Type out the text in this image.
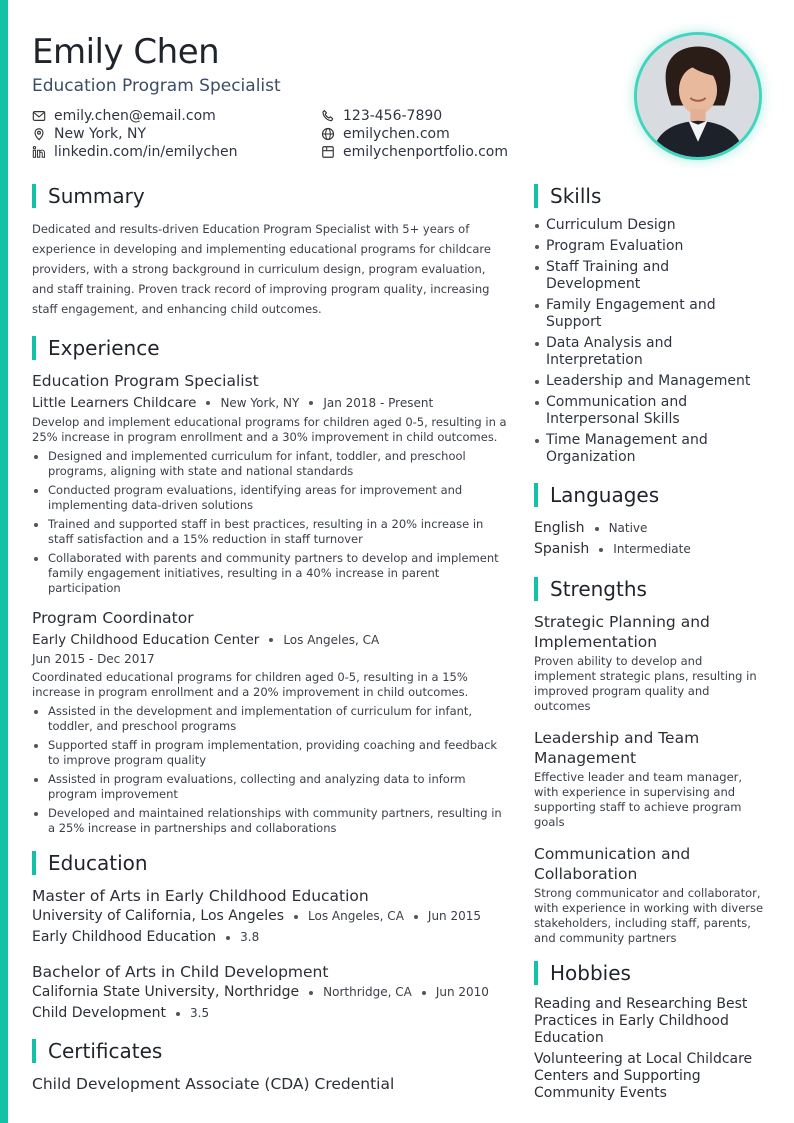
Emily Chen
Education Program Specialist
emily.chen@email.com	123-456-7890
New York, NY	emilychen.com
linkedin.com/in/emilychen	emilychenportfolio.com
Summary

Dedicated and results-driven Education Program Specialist with 5+ years of experience in developing and implementing educational programs for childcare providers, with a strong background in curriculum design, program evaluation, and staff training. Proven track record of improving program quality, increasing staff engagement, and enhancing child outcomes.

Experience
Education Program Specialist
Little Learners Childcare New York, NY Jan 2018 - Present
Develop and implement educational programs for children aged 0-5, resulting in a 25% increase in program enrollment and a 30% improvement in child outcomes.
Designed and implemented curriculum for infant, toddler, and preschool programs, aligning with state and national standards
Conducted program evaluations, identifying areas for improvement and implementing data-driven solutions
Trained and supported staff in best practices, resulting in a 20% increase in staff satisfaction and a 15% reduction in staff turnover
Collaborated with parents and community partners to develop and implement family engagement initiatives, resulting in a 40% increase in parent participation
Program Coordinator
Early Childhood Education Center Los Angeles, CA
Jun 2015 - Dec 2017
Coordinated educational programs for children aged 0-5, resulting in a 15% increase in program enrollment and a 20% improvement in child outcomes.
Assisted in the development and implementation of curriculum for infant, toddler, and preschool programs
Supported staff in program implementation, providing coaching and feedback to improve program quality
Assisted in program evaluations, collecting and analyzing data to inform program improvement
Developed and maintained relationships with community partners, resulting in a 25% increase in partnerships and collaborations
Education
Master of Arts in Early Childhood Education
University of California, Los Angeles Los Angeles, CA Jun 2015
Early Childhood Education 3.8
Bachelor of Arts in Child Development
California State University, Northridge Northridge, CA Jun 2010
Child Development 3.5
Certificates
Child Development Associate (CDA) Credential
Skills
Curriculum Design
Program Evaluation
Staff Training and Development
Family Engagement and Support
Data Analysis and Interpretation
Leadership and Management
Communication and Interpersonal Skills
Time Management and Organization
Languages
English Native
Spanish Intermediate
Strengths
Strategic Planning and Implementation
Proven ability to develop and implement strategic plans, resulting in improved program quality and outcomes
Leadership and Team Management
Effective leader and team manager, with experience in supervising and supporting staff to achieve program goals
Communication and Collaboration
Strong communicator and collaborator, with experience in working with diverse stakeholders, including staff, parents, and community partners
Hobbies
Reading and Researching Best Practices in Early Childhood Education
Volunteering at Local Childcare Centers and Supporting Community Events
